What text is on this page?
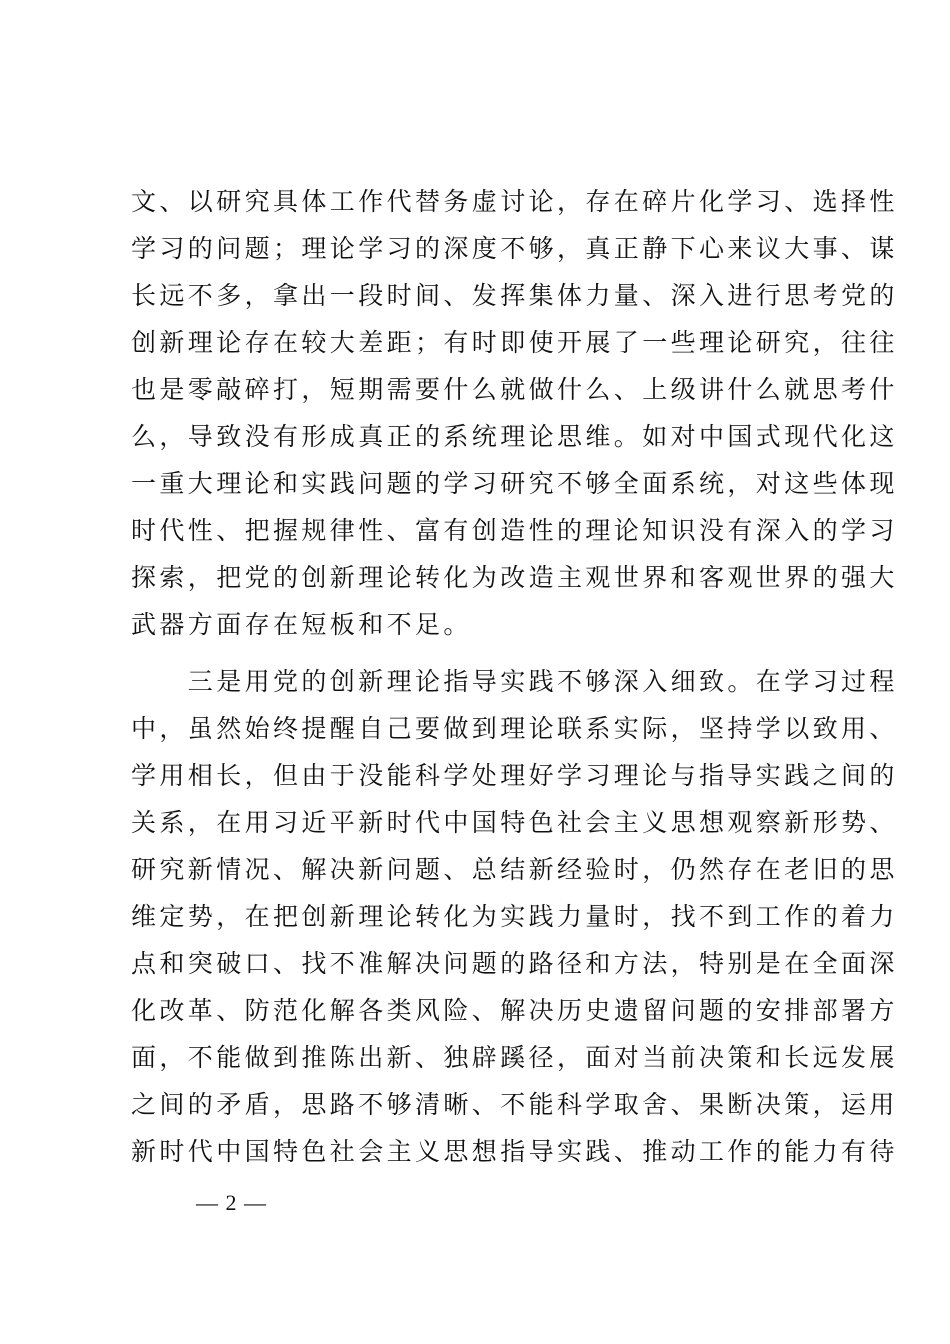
文、以研究具体工作代替务虚讨论，存在碎片化学习、选择性
学习的问题；理论学习的深度不够，真正静下心来议大事、谋
长远不多，拿出一段时间、发挥集体力量、深入进行思考党的
创新理论存在较大差距；有时即使开展了一些理论研究，往往
也是零敲碎打，短期需要什么就做什么、上级讲什么就思考什
么，导致没有形成真正的系统理论思维。如对中国式现代化这
一重大理论和实践问题的学习研究不够全面系统，对这些体现
时代性、把握规律性、富有创造性的理论知识没有深入的学习
探索，把党的创新理论转化为改造主观世界和客观世界的强大
武器方面存在短板和不足。
　　三是用党的创新理论指导实践不够深入细致。在学习过程
中，虽然始终提醒自己要做到理论联系实际，坚持学以致用、
学用相长，但由于没能科学处理好学习理论与指导实践之间的
关系，在用习近平新时代中国特色社会主义思想观察新形势、
研究新情况、解决新问题、总结新经验时，仍然存在老旧的思
维定势，在把创新理论转化为实践力量时，找不到工作的着力
点和突破口、找不准解决问题的路径和方法，特别是在全面深
化改革、防范化解各类风险、解决历史遗留问题的安排部署方
面，不能做到推陈出新、独辟蹊径，面对当前决策和长远发展
之间的矛盾，思路不够清晰、不能科学取舍、果断决策，运用
新时代中国特色社会主义思想指导实践、推动工作的能力有待
— 2 —
